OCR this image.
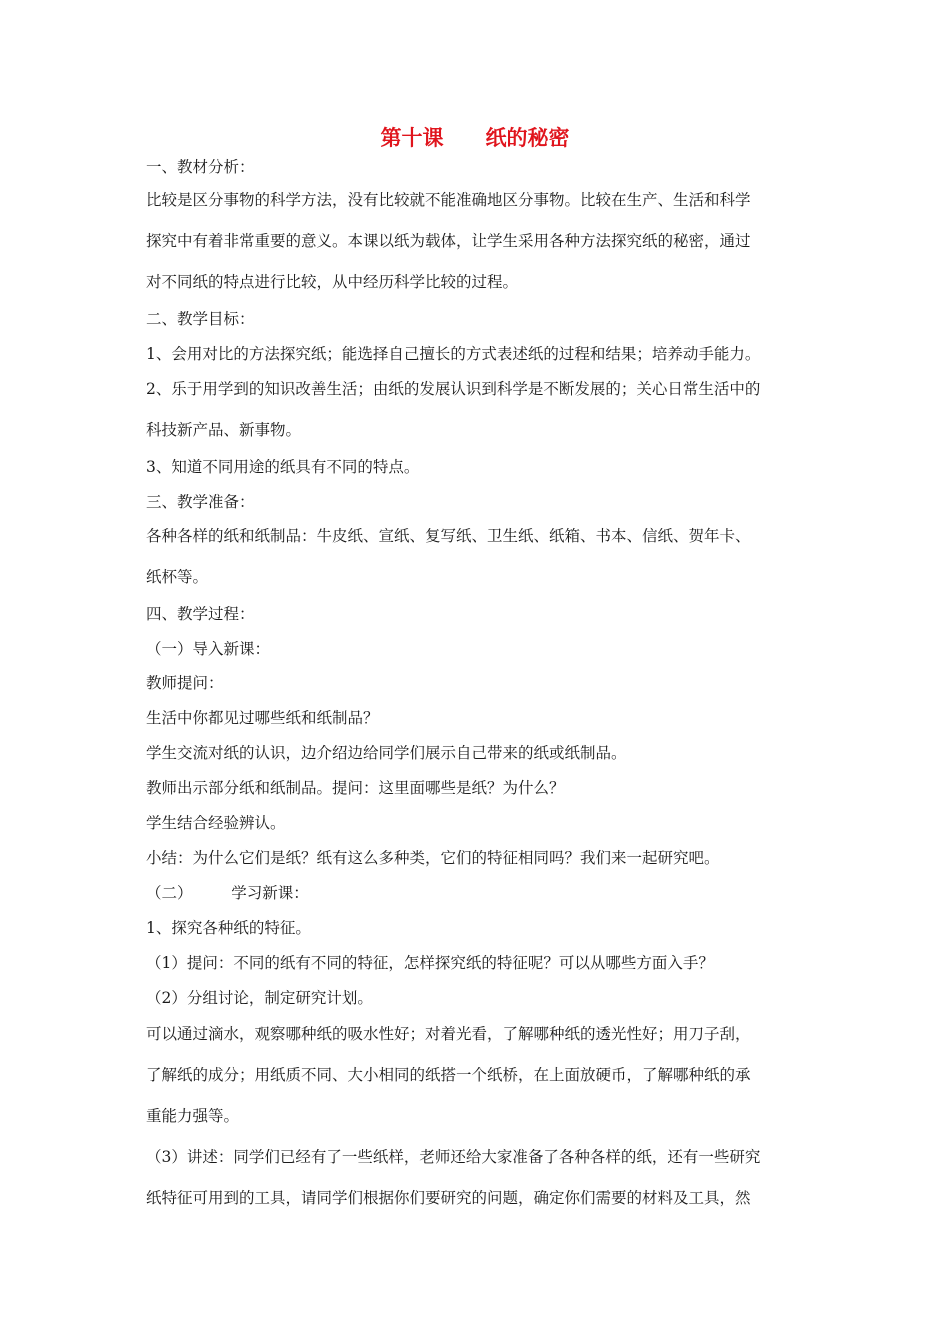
第十课　　纸的秘密
一、教材分析：
比较是区分事物的科学方法，没有比较就不能准确地区分事物。比较在生产、生活和科学
探究中有着非常重要的意义。本课以纸为载体，让学生采用各种方法探究纸的秘密，通过
对不同纸的特点进行比较，从中经历科学比较的过程。
二、教学目标：
1、会用对比的方法探究纸；能选择自己擅长的方式表述纸的过程和结果；培养动手能力。
2、乐于用学到的知识改善生活；由纸的发展认识到科学是不断发展的；关心日常生活中的
科技新产品、新事物。
3、知道不同用途的纸具有不同的特点。
三、教学准备：
各种各样的纸和纸制品：牛皮纸、宣纸、复写纸、卫生纸、纸箱、书本、信纸、贺年卡、
纸杯等。
四、教学过程：
（一）导入新课：
教师提问：
生活中你都见过哪些纸和纸制品？
学生交流对纸的认识，边介绍边给同学们展示自己带来的纸或纸制品。
教师出示部分纸和纸制品。提问：这里面哪些是纸？为什么？
学生结合经验辨认。
小结：为什么它们是纸？纸有这么多种类，它们的特征相同吗？我们来一起研究吧。
（二）　　　学习新课：
1、探究各种纸的特征。
（1）提问：不同的纸有不同的特征，怎样探究纸的特征呢？可以从哪些方面入手？
（2）分组讨论，制定研究计划。
可以通过滴水，观察哪种纸的吸水性好；对着光看，了解哪种纸的透光性好；用刀子刮，
了解纸的成分；用纸质不同、大小相同的纸搭一个纸桥，在上面放硬币，了解哪种纸的承
重能力强等。
（3）讲述：同学们已经有了一些纸样，老师还给大家准备了各种各样的纸，还有一些研究
纸特征可用到的工具，请同学们根据你们要研究的问题，确定你们需要的材料及工具，然
